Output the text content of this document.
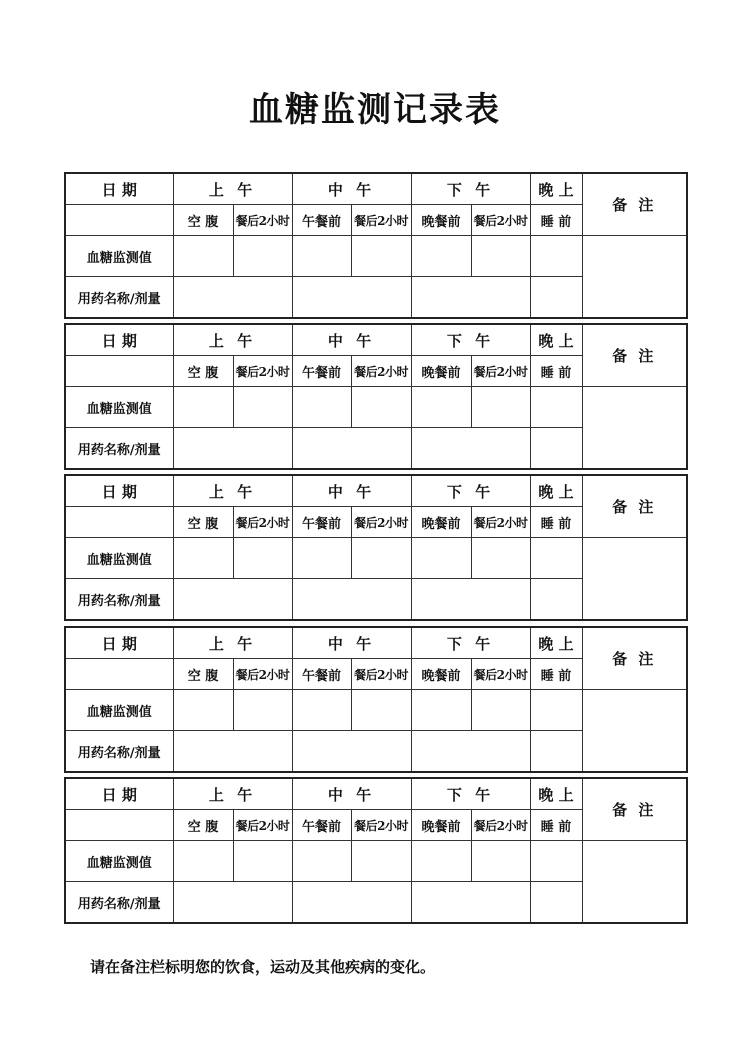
血糖监测记录表
日 期	上 午		中 午		下 午		晚 上	备 注
	空 腹	餐后2小时	午餐前	餐后2小时	晚餐前	餐后2小时	睡 前	
血糖监测值								
用药名称/剂量								
日 期	上 午		中 午		下 午		晚 上	备 注
	空 腹	餐后2小时	午餐前	餐后2小时	晚餐前	餐后2小时	睡 前	
血糖监测值								
用药名称/剂量								
日 期	上 午		中 午		下 午		晚 上	备 注
	空 腹	餐后2小时	午餐前	餐后2小时	晚餐前	餐后2小时	睡 前	
血糖监测值								
用药名称/剂量								
日 期	上 午		中 午		下 午		晚 上	备 注
	空 腹	餐后2小时	午餐前	餐后2小时	晚餐前	餐后2小时	睡 前	
血糖监测值								
用药名称/剂量								
日 期	上 午		中 午		下 午		晚 上	备 注
	空 腹	餐后2小时	午餐前	餐后2小时	晚餐前	餐后2小时	睡 前	
血糖监测值								
用药名称/剂量								
请在备注栏标明您的饮食，运动及其他疾病的变化。
